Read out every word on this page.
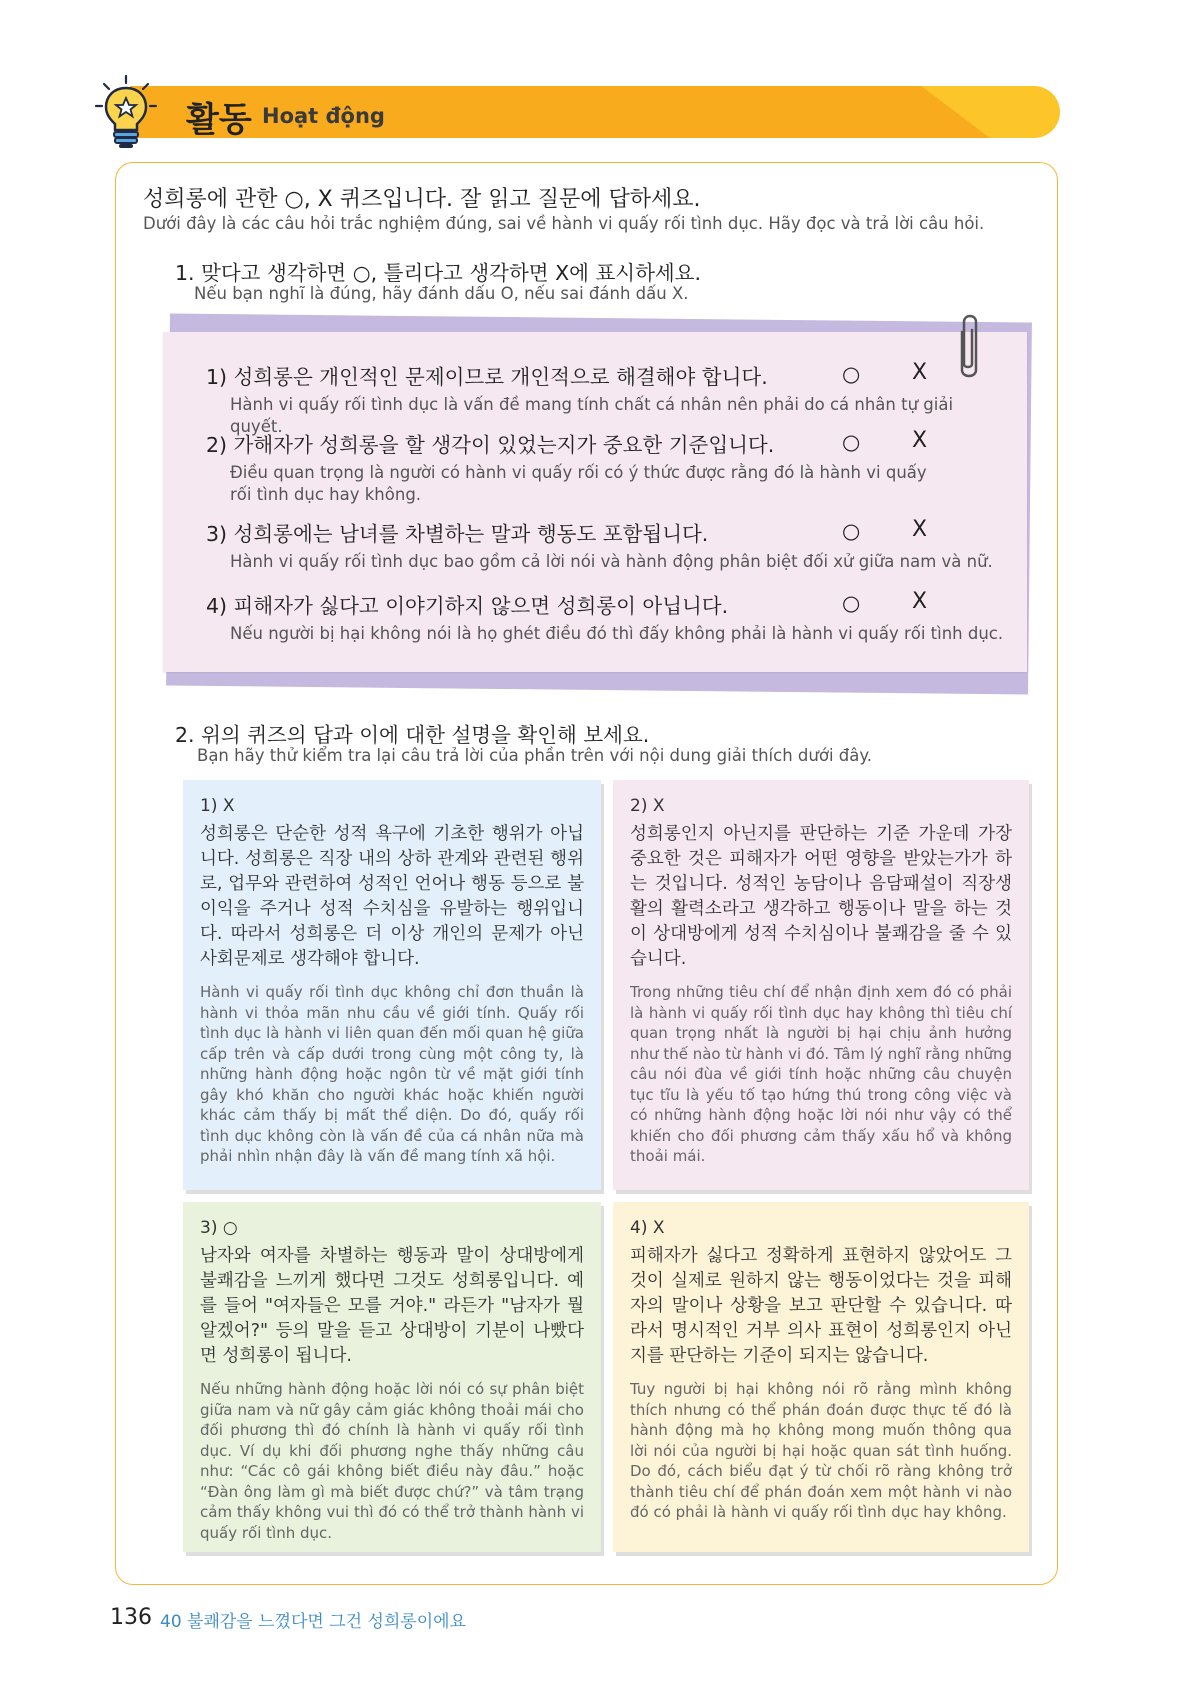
활동 Hoạt động
성희롱에 관한 ○, X 퀴즈입니다. 잘 읽고 질문에 답하세요.
Dưới đây là các câu hỏi trắc nghiệm đúng, sai về hành vi quấy rối tình dục. Hãy đọc và trả lời câu hỏi.
1. 맞다고 생각하면 ○, 틀리다고 생각하면 X에 표시하세요.
Nếu bạn nghĩ là đúng, hãy đánh dấu O, nếu sai đánh dấu X.
1) 성희롱은 개인적인 문제이므로 개인적으로 해결해야 합니다.
Hành vi quấy rối tình dục là vấn đề mang tính chất cá nhân nên phải do cá nhân tự giải quyết.
○ X
2) 가해자가 성희롱을 할 생각이 있었는지가 중요한 기준입니다.
Điều quan trọng là người có hành vi quấy rối có ý thức được rằng đó là hành vi quấy rối tình dục hay không.
○ X
3) 성희롱에는 남녀를 차별하는 말과 행동도 포함됩니다.
Hành vi quấy rối tình dục bao gồm cả lời nói và hành động phân biệt đối xử giữa nam và nữ.
○ X
4) 피해자가 싫다고 이야기하지 않으면 성희롱이 아닙니다.
Nếu người bị hại không nói là họ ghét điều đó thì đấy không phải là hành vi quấy rối tình dục.
○ X
2. 위의 퀴즈의 답과 이에 대한 설명을 확인해 보세요.
Bạn hãy thử kiểm tra lại câu trả lời của phần trên với nội dung giải thích dưới đây.
1) X
성희롱은 단순한 성적 욕구에 기초한 행위가 아닙니다. 성희롱은 직장 내의 상하 관계와 관련된 행위로, 업무와 관련하여 성적인 언어나 행동 등으로 불이익을 주거나 성적 수치심을 유발하는 행위입니다. 따라서 성희롱은 더 이상 개인의 문제가 아닌 사회문제로 생각해야 합니다.
Hành vi quấy rối tình dục không chỉ đơn thuần là hành vi thỏa mãn nhu cầu về giới tính. Quấy rối tình dục là hành vi liên quan đến mối quan hệ giữa cấp trên và cấp dưới trong cùng một công ty, là những hành động hoặc ngôn từ về mặt giới tính gây khó khăn cho người khác hoặc khiến người khác cảm thấy bị mất thể diện. Do đó, quấy rối tình dục không còn là vấn đề của cá nhân nữa mà phải nhìn nhận đây là vấn đề mang tính xã hội.
2) X
성희롱인지 아닌지를 판단하는 기준 가운데 가장 중요한 것은 피해자가 어떤 영향을 받았는가가 하는 것입니다. 성적인 농담이나 음담패설이 직장생활의 활력소라고 생각하고 행동이나 말을 하는 것이 상대방에게 성적 수치심이나 불쾌감을 줄 수 있습니다.
Trong những tiêu chí để nhận định xem đó có phải là hành vi quấy rối tình dục hay không thì tiêu chí quan trọng nhất là người bị hại chịu ảnh hưởng như thế nào từ hành vi đó. Tâm lý nghĩ rằng những câu nói đùa về giới tính hoặc những câu chuyện tục tĩu là yếu tố tạo hứng thú trong công việc và có những hành động hoặc lời nói như vậy có thể khiến cho đối phương cảm thấy xấu hổ và không thoải mái.
3) ○
남자와 여자를 차별하는 행동과 말이 상대방에게 불쾌감을 느끼게 했다면 그것도 성희롱입니다. 예를 들어 "여자들은 모를 거야." 라든가 "남자가 뭘 알겠어?" 등의 말을 듣고 상대방이 기분이 나빴다면 성희롱이 됩니다.
Nếu những hành động hoặc lời nói có sự phân biệt giữa nam và nữ gây cảm giác không thoải mái cho đối phương thì đó chính là hành vi quấy rối tình dục. Ví dụ khi đối phương nghe thấy những câu như: “Các cô gái không biết điều này đâu.” hoặc “Đàn ông làm gì mà biết được chứ?” và tâm trạng cảm thấy không vui thì đó có thể trở thành hành vi quấy rối tình dục.
4) X
피해자가 싫다고 정확하게 표현하지 않았어도 그것이 실제로 원하지 않는 행동이었다는 것을 피해자의 말이나 상황을 보고 판단할 수 있습니다. 따라서 명시적인 거부 의사 표현이 성희롱인지 아닌지를 판단하는 기준이 되지는 않습니다.
Tuy người bị hại không nói rõ rằng mình không thích nhưng có thể phán đoán được thực tế đó là hành động mà họ không mong muốn thông qua lời nói của người bị hại hoặc quan sát tình huống. Do đó, cách biểu đạt ý từ chối rõ ràng không trở thành tiêu chí để phán đoán xem một hành vi nào đó có phải là hành vi quấy rối tình dục hay không.
136 40 불쾌감을 느꼈다면 그건 성희롱이에요
